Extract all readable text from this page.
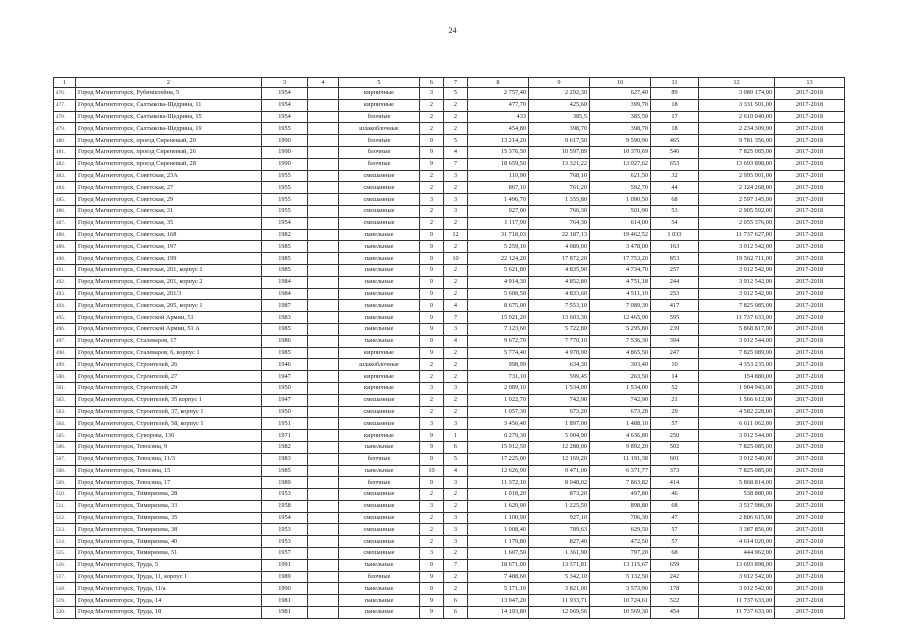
24
1	2	3	4	5	6	7	8	9	10	11	12	13
476.	Город Магнитогорск, Рубинштейна, 5	1954		кирпичные	3	5	2 757,40	2 292,30	627,40	89	3 089 174,00	2017-2018
477.	Город Магнитогорск, Салтыкова-Щедрина, 11	1954		кирпичные	2	2	477,70	425,60	399,70	18	3 331 501,00	2017-2018
478.	Город Магнитогорск, Салтыкова-Щедрина, 15	1954		блочные	2	2	433	385,5	385,50	17	2 610 040,00	2017-2018
479.	Город Магнитогорск, Салтыкова-Щедрина, 19	1955		шлакоблочные	2	2	454,80	398,70	398,70	18	2 234 309,00	2017-2018
480.	Город Магнитогорск, проезд Сиреневый, 20	1990		блочные	9	5	13 214,20	9 617,50	9 590,90	465	9 781 356,00	2017-2018
481.	Город Магнитогорск, проезд Сиреневый, 26	1990		блочные	9	4	15 376,50	10 597,89	10 370,69	546	7 825 085,00	2017-2018
482.	Город Магнитогорск, проезд Сиреневый, 28	1990		блочные	9	7	18 659,50	13 321,22	13 027,62	653	13 693 898,00	2017-2018
483.	Город Магнитогорск, Советская, 23А	1955		смешанные	2	3	110,90	768,10	621,50	32	2 995 001,00	2017-2018
484.	Город Магнитогорск, Советская, 27	1955		смешанные	2	2	867,10	761,20	592,70	44	2 124 268,00	2017-2018
485.	Город Магнитогорск, Советская, 29	1955		смешанные	3	3	1 496,70	1 355,80	1 090,50	68	2 597 145,00	2017-2018
486.	Город Магнитогорск, Советская, 31	1955		смешанные	2	3	927,00	766,30	501,90	53	2 905 592,00	2017-2018
487.	Город Магнитогорск, Советская, 35	1954		смешанные	2	2	1 117,90	764,30	614,00	54	2 055 376,00	2017-2018
488.	Город Магнитогорск, Советская, 168	1982		панельные	9	12	31 718,03	22 187,13	19 462,52	1 033	11 737 627,00	2017-2018
489.	Город Магнитогорск, Советская, 197	1985		панельные	9	2	5 259,10	4 089,00	3 478,00	163	3 912 542,00	2017-2018
490.	Город Магнитогорск, Советская, 199	1985		панельные	9	10	22 124,20	17 872,20	17 753,20	853	19 562 711,00	2017-2018
491.	Город Магнитогорск, Советская, 201, корпус 1	1985		панельные	9	2	5 621,80	4 835,90	4 734,70	257	3 912 542,00	2017-2018
492.	Город Магнитогорск, Советская, 201, корпус 2	1984		панельные	9	2	4 914,30	4 852,80	4 751,18	244	3 912 542,00	2017-2018
493.	Город Магнитогорск, Советская, 201/3	1984		панельные	9	2	5 608,50	4 833,60	4 511,10	253	3 912 542,00	2017-2018
494.	Город Магнитогорск, Советская, 205, корпус 1	1987		панельные	9	4	8 675,00	7 553,10	7 089,30	417	7 825 085,00	2017-2018
495.	Город Магнитогорск, Советской Армии, 51	1983		панельные	9	7	15 921,20	13 603,30	12 465,90	595	11 737 633,00	2017-2018
496.	Город Магнитогорск, Советской Армии, 51 А	1985		панельные	9	3	7 123,60	5 722,80	5 295,80	239	5 868 817,00	2017-2018
497.	Город Магнитогорск, Сталеваров, 17	1986		панельные	9	4	9 672,70	7 770,10	7 536,30	394	3 912 544,00	2017-2018
498.	Город Магнитогорск, Сталеваров, 6, корпус 1	1985		кирпичные	9	2	5 774,40	4 978,90	4 865,50	247	7 825 089,00	2017-2018
499.	Город Магнитогорск, Строителей, 26	1946		шлакоблочные	2	2	998,99	634,30	303,40	10	4 353 235,00	2017-2018
500.	Город Магнитогорск, Строителей, 27	1947		кирпичные	2	2	731,10	599,45	263,50	14	154 880,00	2017-2018
501.	Город Магнитогорск, Строителей, 29	1950		кирпичные	3	3	2 089,10	1 534,00	1 534,00	52	1 904 943,00	2017-2018
502.	Город Магнитогорск, Строителей, 35 корпус 1	1947		смешанные	2	2	1 022,70	742,90	742,90	21	1 566 612,00	2017-2018
503.	Город Магнитогорск, Строителей, 37, корпус 1	1950		смешанные	2	2	1 057,30	673,20	673,20	29	4 582 228,00	2017-2018
504.	Город Магнитогорск, Строителей, 58, корпус 1	1951		смешанные	3	3	3 456,40	1 897,00	1 488,10	57	6 611 062,00	2017-2018
505.	Город Магнитогорск, Суворова, 136	1971		кирпичные	9	1	6 279,30	5 004,90	4 636,80	250	3 912 544,00	2017-2018
506.	Город Магнитогорск, Тевосяна, 9	1982		панельные	9	6	15 912,50	12 288,00	9 892,20	502	7 825 085,00	2017-2018
507.	Город Магнитогорск, Тевосяна, 11/3	1983		блочные	9	5	17 225,00	12 169,20	11 191,38	601	3 912 540,00	2017-2018
508.	Город Магнитогорск, Тевосяна, 15	1985		панельные	10	4	12 626,90	9 471,00	6 371,77	373	7 825 085,00	2017-2018
509.	Город Магнитогорск, Тевосяна, 17	1989		блочные	9	3	11 372,10	8 048,02	7 863,82	414	5 868 814,00	2017-2018
510.	Город Магнитогорск, Тимирязева, 28	1953		смешанные	2	2	1 018,20	873,20	497,80	46	538 880,00	2017-2018
511.	Город Магнитогорск, Тимирязева, 33	1958		смешанные	3	2	1 620,00	1 225,50	898,80	68	3 517 986,00	2017-2018
512.	Город Магнитогорск, Тимирязева, 35	1954		смешанные	2	3	1 100,90	927,10	706,30	47	2 806 615,00	2017-2018
513.	Город Магнитогорск, Тимирязева, 38	1953		смешанные	2	3	1 008,40	789,63	629,50	57	3 387 856,00	2017-2018
514.	Город Магнитогорск, Тимирязева, 40	1953		смешанные	2	3	1 179,80	827,40	472,50	57	4 614 020,00	2017-2018
515.	Город Магнитогорск, Тимирязева, 51	1957		смешанные	3	2	1 607,50	1 361,90	797,20	68	444 962,00	2017-2018
516.	Город Магнитогорск, Труда, 5	1991		панельные	9	7	18 671,00	13 371,81	13 115,67	659	13 693 898,00	2017-2018
517.	Город Магнитогорск, Труда, 11, корпус 1	1989		блочные	9	2	7 488,60	5 342,10	5 132,50	242	3 912 542,00	2017-2018
518.	Город Магнитогорск, Труда, 11/а	1990		панельные	9	2	5 171,10	3 821,00	3 573,90	178	3 912 542,00	2017-2018
519.	Город Магнитогорск, Труда, 14	1981		панельные	9	6	13 947,20	11 933,71	10 724,61	522	11 737 633,00	2017-2018
520.	Город Магнитогорск, Труда, 18	1981		панельные	9	6	14 193,80	12 069,56	10 569,30	454	11 737 633,00	2017-2018
